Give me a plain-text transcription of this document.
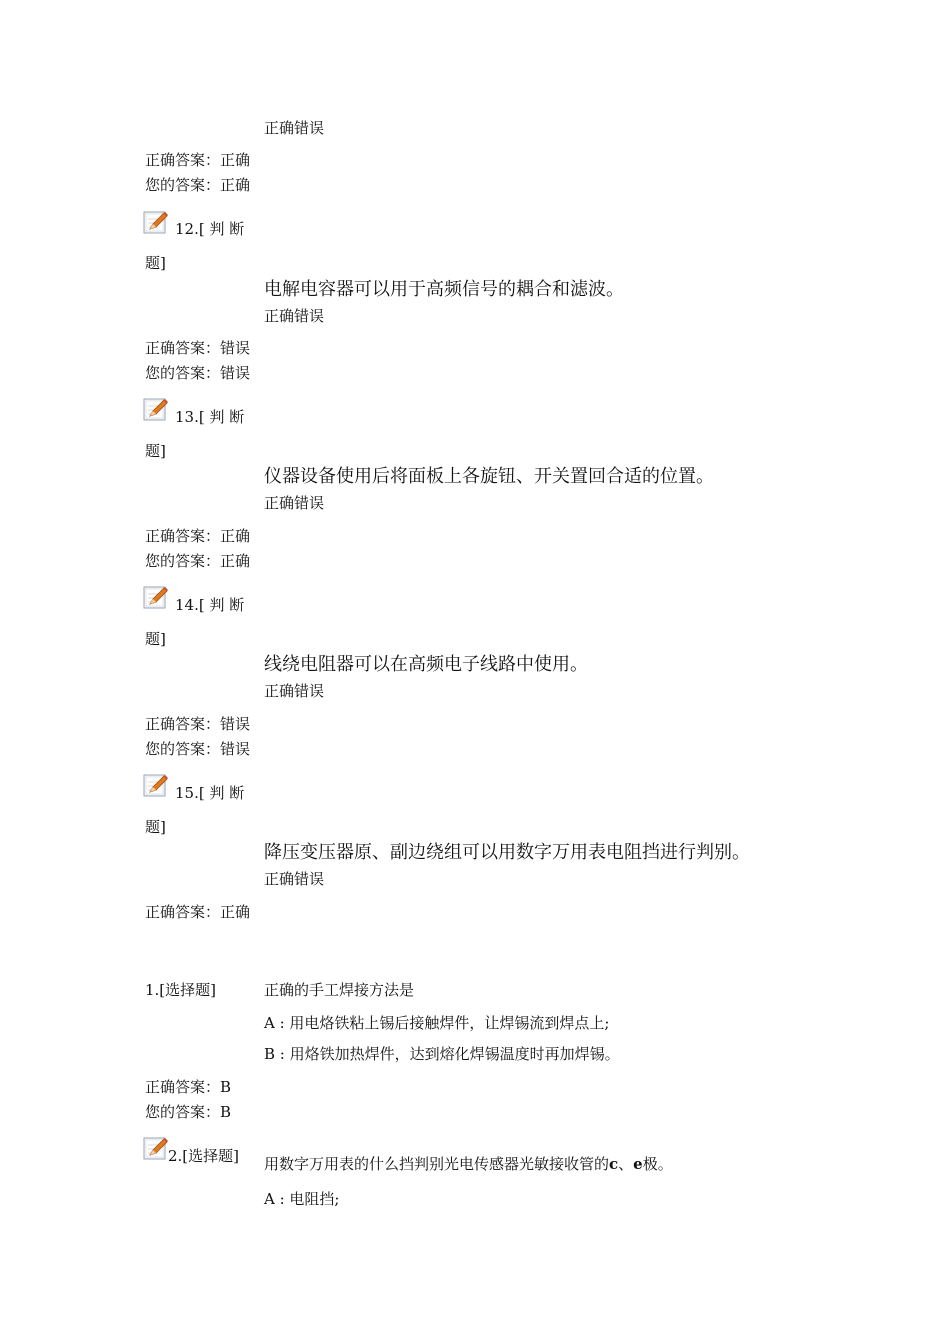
正确错误
正确答案：正确
您的答案：正确
12.[ 判 断
题]
电解电容器可以用于高频信号的耦合和滤波。
正确错误
正确答案：错误
您的答案：错误
13.[ 判 断
题]
仪器设备使用后将面板上各旋钮、开关置回合适的位置。
正确错误
正确答案：正确
您的答案：正确
14.[ 判 断
题]
线绕电阻器可以在高频电子线路中使用。
正确错误
正确答案：错误
您的答案：错误
15.[ 判 断
题]
降压变压器原、副边绕组可以用数字万用表电阻挡进行判别。
正确错误
正确答案：正确
1.[选择题]	正确的手工焊接方法是
A : 用电烙铁粘上锡后接触焊件，让焊锡流到焊点上;
B : 用烙铁加热焊件，达到熔化焊锡温度时再加焊锡。
正确答案：B
您的答案：B
2.[选择题] 用数字万用表的什么挡判别光电传感器光敏接收管的c、e极。
A : 电阻挡;
